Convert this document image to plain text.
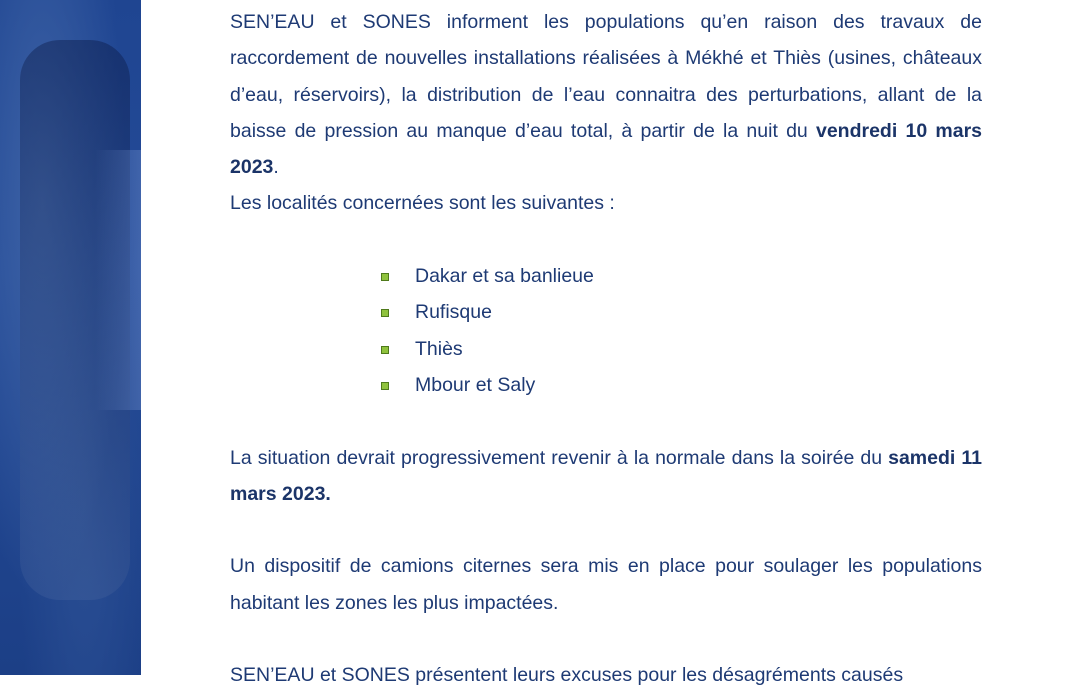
SEN’EAU et SONES informent les populations qu’en raison des travaux de raccordement de nouvelles installations réalisées à Mékhé et Thiès (usines, châteaux d’eau, réservoirs), la distribution de l’eau connaitra des perturbations, allant de la baisse de pression au manque d’eau total, à partir de la nuit du vendredi 10 mars 2023.

Les localités concernées sont les suivantes :

Dakar et sa banlieue
Rufisque
Thiès
Mbour et Saly

La situation devrait progressivement revenir à la normale dans la soirée du samedi 11 mars 2023.

Un dispositif de camions citernes sera mis en place pour soulager les populations habitant les zones les plus impactées.

SEN’EAU et SONES présentent leurs excuses pour les désagréments causés
